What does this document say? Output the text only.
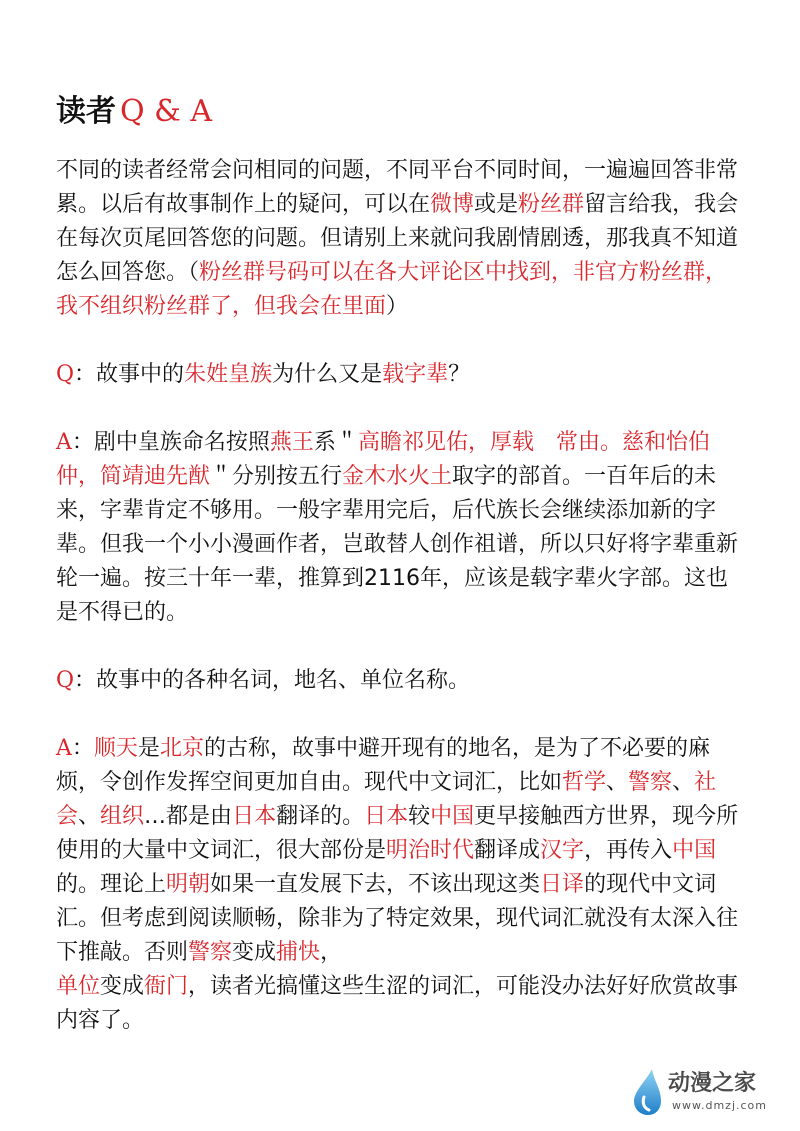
读者 Q & A

不同的读者经常会问相同的问题，不同平台不同时间，一遍遍回答非常累。以后有故事制作上的疑问，可以在微博或是粉丝群留言给我，我会在每次页尾回答您的问题。但请别上来就问我剧情剧透，那我真不知道怎么回答您。（粉丝群号码可以在各大评论区中找到，非官方粉丝群，我不组织粉丝群了，但我会在里面）

Q：故事中的朱姓皇族为什么又是载字辈？

A：剧中皇族命名按照燕王系＂高瞻祁见佑，厚载　常由。慈和怡伯仲，简靖迪先猷＂分别按五行金木水火土取字的部首。一百年后的未来，字辈肯定不够用。一般字辈用完后，后代族长会继续添加新的字辈。但我一个小小漫画作者，岂敢替人创作祖谱，所以只好将字辈重新轮一遍。按三十年一辈，推算到2116年，应该是载字辈火字部。这也是不得已的。

Q：故事中的各种名词，地名、单位名称。

A：顺天是北京的古称，故事中避开现有的地名，是为了不必要的麻烦，令创作发挥空间更加自由。现代中文词汇，比如哲学、警察、社会、组织…都是由日本翻译的。日本较中国更早接触西方世界，现今所使用的大量中文词汇，很大部份是明治时代翻译成汉字，再传入中国的。理论上明朝如果一直发展下去，不该出现这类日译的现代中文词汇。但考虑到阅读顺畅，除非为了特定效果，现代词汇就没有太深入往下推敲。否则警察变成捕快，
单位变成衙门，读者光搞懂这些生涩的词汇，可能没办法好好欣赏故事内容了。

动漫之家
www.dmzj.com
